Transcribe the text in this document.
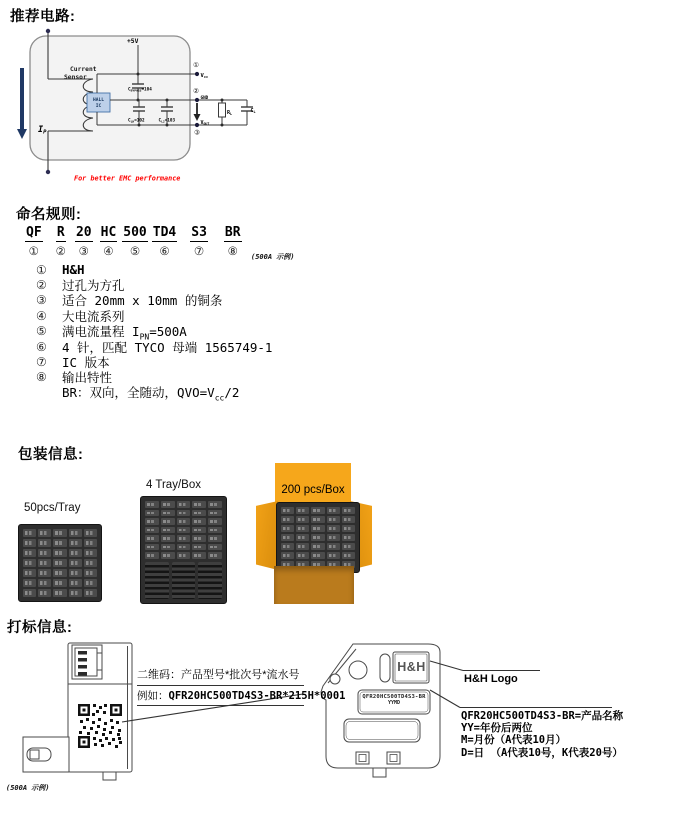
推荐电路:
IP
Current
Sensor
HALL
IC
+5V
①
②
③
Vcc
GND
$V_{OUT}$
$C_{BYPASS}=104$
$C_{LH}=102$	$C_{L2}=103$
$R_L$	$C_L$
For better EMC performance
命名规则:
QF
①
R
②
20
③
HC
④
500
⑤
TD4
⑥
S3
⑦
BR
⑧ (500A 示例)
①	H&H
②	过孔为方孔
③	适合 20mm x 10mm 的铜条
④	大电流系列
⑤	满电流量程 $I_{PN}=500A$
⑥	4 针，匹配 TYCO 母端 1565749-1
⑦	IC 版本
⑧	输出特性
BR：双向，全随动，$QVO=V_{cc}/2$
包装信息:
50pcs/Tray
4 Tray/Box	200 pcs/Box
打标信息:
二维码：产品型号*批次号*流水号
例如：QFR20HC500TD4S3-BR*215H*0001
H&H
QFR20HC500TD4S3-BR
YYMD
H&H Logo
QFR20HC500TD4S3-BR=产品名称
YY=年份后两位
M=月份（A代表10月）
D=日 （A代表10号，K代表20号）
(500A 示例)
